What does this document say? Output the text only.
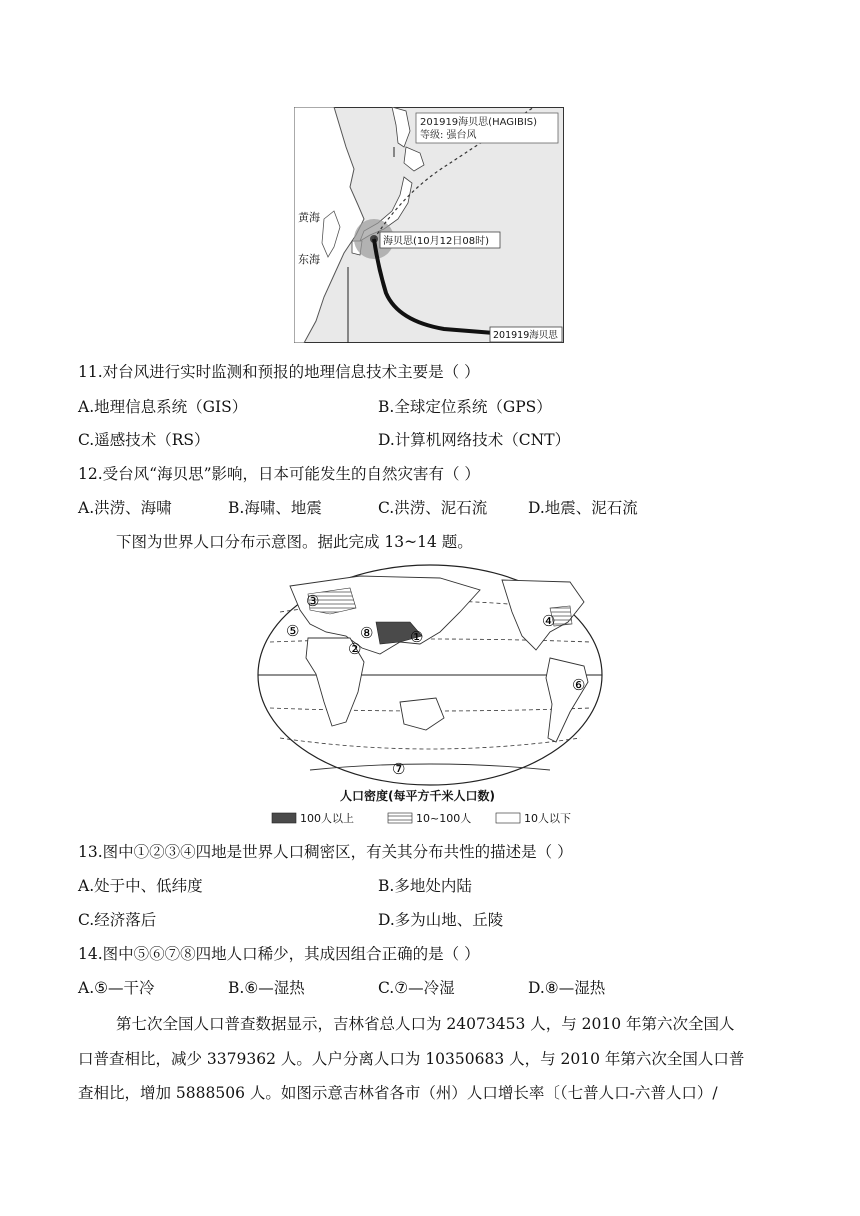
201919海贝思(HAGIBIS)
等级: 强台风
黄海
东海
海贝思(10月12日08时)
201919海贝思
11.对台风进行实时监测和预报的地理信息技术主要是（ ）
A.地理信息系统（GIS）	B.全球定位系统（GPS）
C.遥感技术（RS）	D.计算机网络技术（CNT）
12.受台风“海贝思”影响，日本可能发生的自然灾害有（ ）
A.洪涝、海啸	B.海啸、地震	C.洪涝、泥石流	D.地震、泥石流
下图为世界人口分布示意图。据此完成 13~14 题。
①
②
③
④
⑤
⑥
⑦
⑧
人口密度(每平方千米人口数)
100人以上	10~100人	10人以下
13.图中①②③④四地是世界人口稠密区，有关其分布共性的描述是（ ）
A.处于中、低纬度	B.多地处内陆
C.经济落后	D.多为山地、丘陵
14.图中⑤⑥⑦⑧四地人口稀少，其成因组合正确的是（ ）
A.⑤—干冷	B.⑥—湿热	C.⑦—冷湿	D.⑧—湿热
第七次全国人口普查数据显示，吉林省总人口为 24073453 人，与 2010 年第六次全国人
口普查相比，减少 3379362 人。人户分离人口为 10350683 人，与 2010 年第六次全国人口普
查相比，增加 5888506 人。如图示意吉林省各市（州）人口增长率〔（七普人口-六普人口）/
